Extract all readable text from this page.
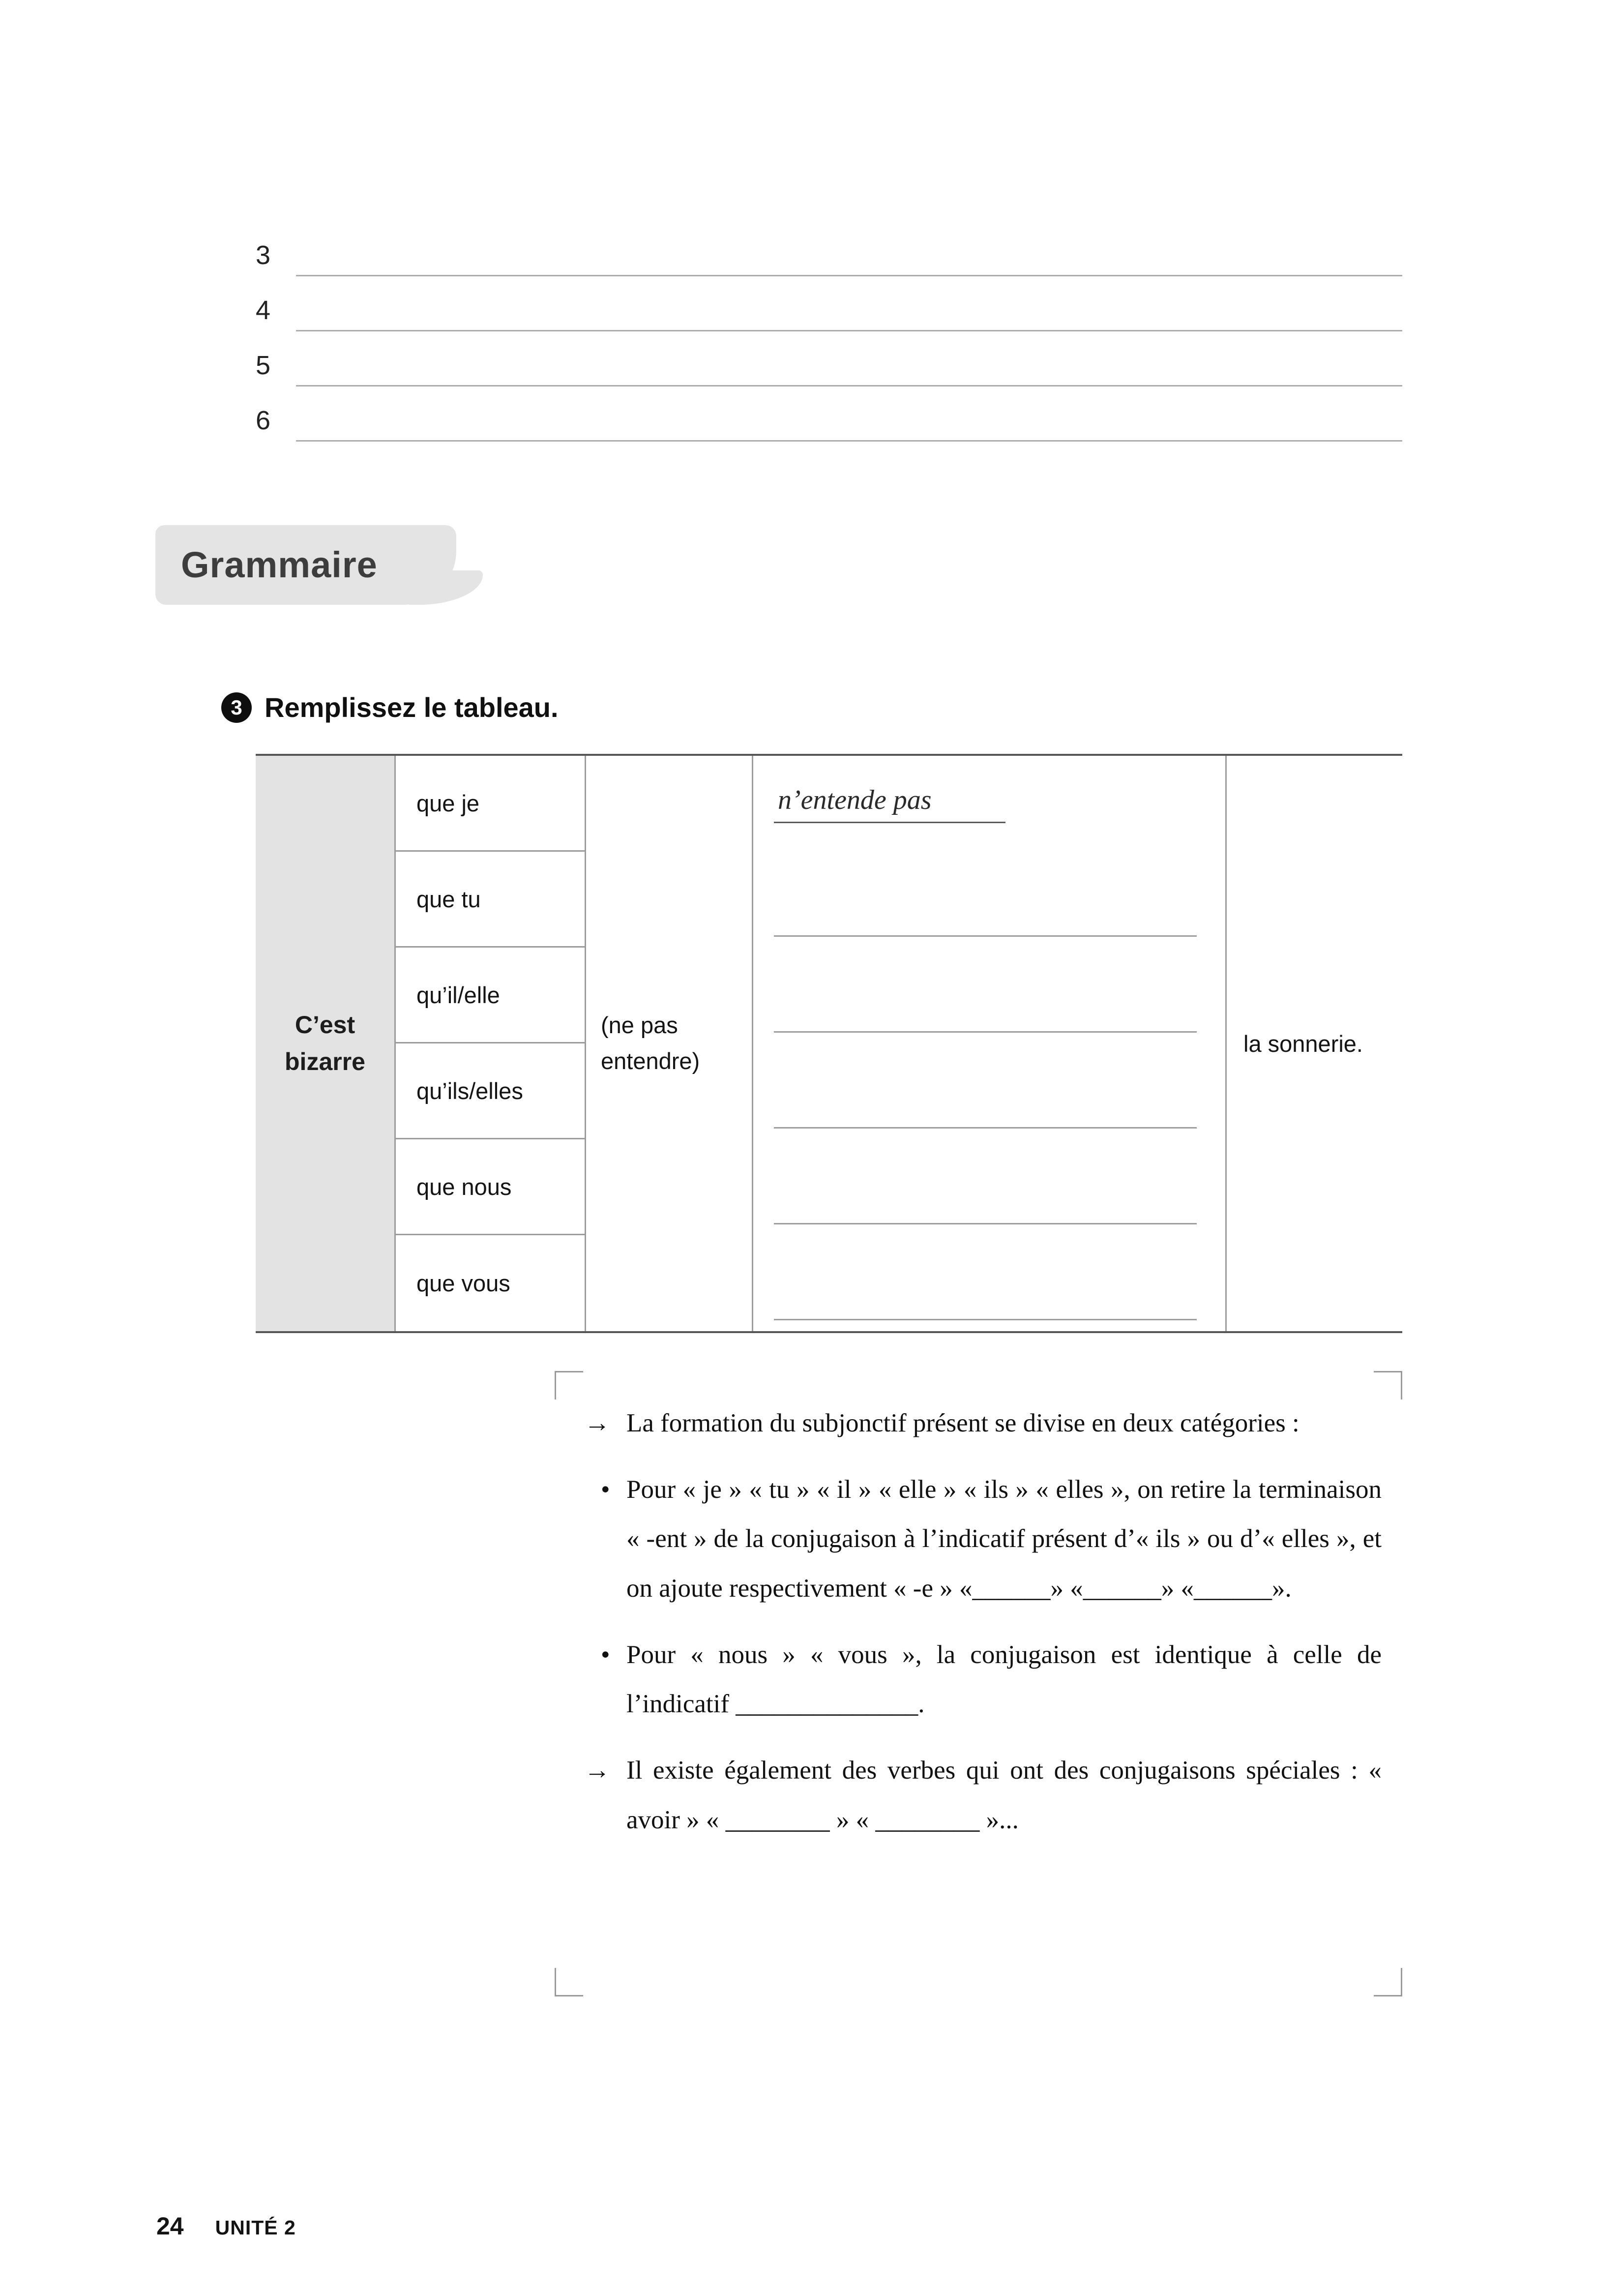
3
4
5
6
Grammaire
3 Remplissez le tableau.
C’est
bizarre
que je
que tu
qu’il/elle
qu’ils/elles
que nous
que vous
(ne pas
entendre)
n’entende pas
la sonnerie.
→ La formation du subjonctif présent se divise en deux catégories :
• Pour « je » « tu » « il » « elle » « ils » « elles », on retire la terminaison « -ent » de la conjugaison à l’indicatif présent d’« ils » ou d’« elles », et on ajoute respectivement « -e » «______» «______» «______».
• Pour « nous » « vous », la conjugaison est identique à celle de l’indicatif ______________.
→ Il existe également des verbes qui ont des conjugaisons spéciales : « avoir » « ________ » « ________ »...
24 UNITÉ 2
